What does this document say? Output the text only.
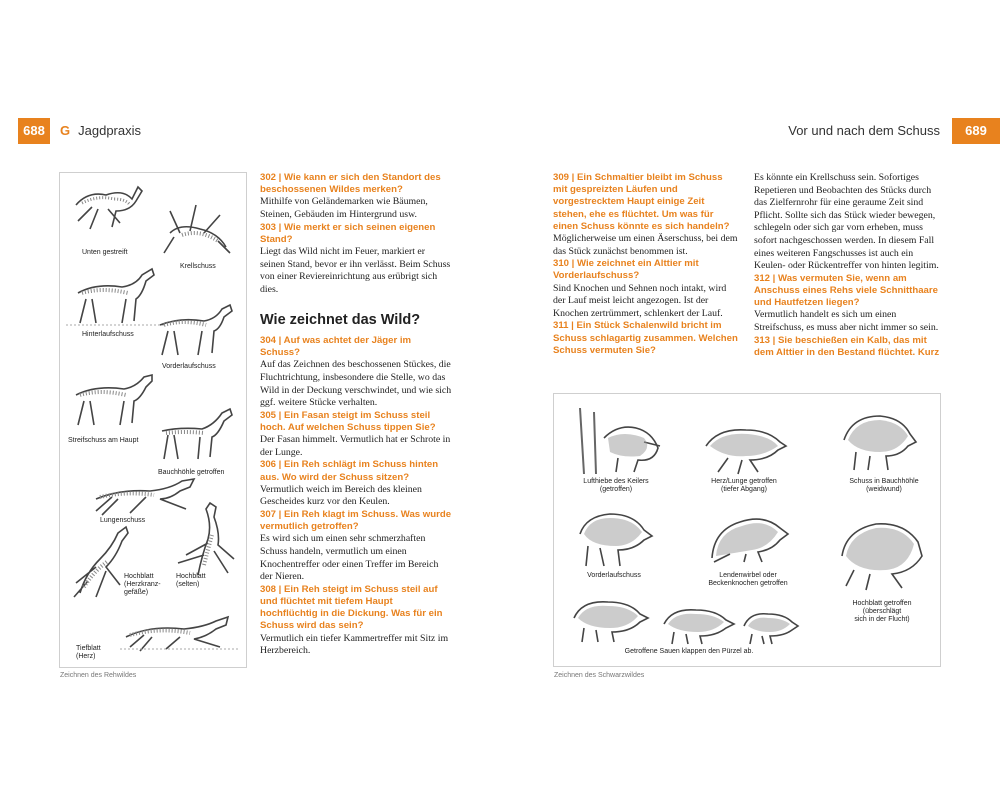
688	G Jagdpraxis	Vor und nach dem Schuss	689
Unten gestreift
Krellschuss
Hinterlaufschuss
Vorderlaufschuss
Streifschuss am Haupt
Bauchhöhle getroffen
Lungenschuss
Hochblatt
(Herzkranz-
gefäße)
Hochblatt
(selten)
Tiefblatt
(Herz)
Zeichnen des Rehwildes
302 | Wie kann er sich den Standort des beschossenen Wildes merken?

Mithilfe von Geländemarken wie Bäumen, Steinen, Gebäuden im Hintergrund usw.

303 | Wie merkt er sich seinen eigenen Stand?

Liegt das Wild nicht im Feuer, markiert er seinen Stand, bevor er ihn verlässt. Beim Schuss von einer Reviereinrichtung aus erübrigt sich dies.

Wie zeichnet das Wild?
304 | Auf was achtet der Jäger im Schuss?

Auf das Zeichnen des beschossenen Stückes, die Fluchtrichtung, insbesondere die Stelle, wo das Wild in der Deckung verschwindet, und wie sich ggf. weitere Stücke verhalten.

305 | Ein Fasan steigt im Schuss steil hoch. Auf welchen Schuss tippen Sie?

Der Fasan himmelt. Vermutlich hat er Schrote in der Lunge.

306 | Ein Reh schlägt im Schuss hinten aus. Wo wird der Schuss sitzen?

Vermutlich weich im Bereich des kleinen Gescheides kurz vor den Keulen.

307 | Ein Reh klagt im Schuss. Was wurde vermutlich getroffen?

Es wird sich um einen sehr schmerzhaften Schuss handeln, vermutlich um einen Knochentreffer oder einen Treffer im Bereich der Nieren.

308 | Ein Reh steigt im Schuss steil auf und flüchtet mit tiefem Haupt hochflüchtig in die Dickung. Was für ein Schuss wird das sein?

Vermutlich ein tiefer Kammertreffer mit Sitz im Herzbereich.

309 | Ein Schmaltier bleibt im Schuss mit gespreizten Läufen und vorgestrecktem Haupt einige Zeit stehen, ehe es flüchtet. Um was für einen Schuss könnte es sich handeln?

Möglicherweise um einen Äserschuss, bei dem das Stück zunächst benommen ist.

310 | Wie zeichnet ein Alttier mit Vorderlaufschuss?

Sind Knochen und Sehnen noch intakt, wird der Lauf meist leicht angezogen. Ist der Knochen zertrümmert, schlenkert der Lauf.

311 | Ein Stück Schalenwild bricht im Schuss schlagartig zusammen. Welchen Schuss vermuten Sie?

Es könnte ein Krellschuss sein. Sofortiges Repetieren und Beobachten des Stücks durch das Zielfernrohr für eine geraume Zeit sind Pflicht. Sollte sich das Stück wieder bewegen, schlegeln oder sich gar vorn erheben, muss sofort nachgeschossen werden. In diesem Fall eines weiteren Fangschusses ist auch ein Keulen- oder Rückentreffer von hinten legitim.

312 | Was vermuten Sie, wenn am Anschuss eines Rehs viele Schnitthaare und Hautfetzen liegen?

Vermutlich handelt es sich um einen Streifschuss, es muss aber nicht immer so sein.

313 | Sie beschießen ein Kalb, das mit dem Alttier in den Bestand flüchtet. Kurz
Lufthiebe des Keilers
(getroffen)
Herz/Lunge getroffen
(tiefer Abgang)
Schuss in Bauchhöhle
(weidwund)
Vorderlaufschuss	Lendenwirbel oder
Beckenknochen getroffen
Hochblatt getroffen
(überschlägt
sich in der Flucht)
Getroffene Sauen klappen den Pürzel ab.
Zeichnen des Schwarzwildes
